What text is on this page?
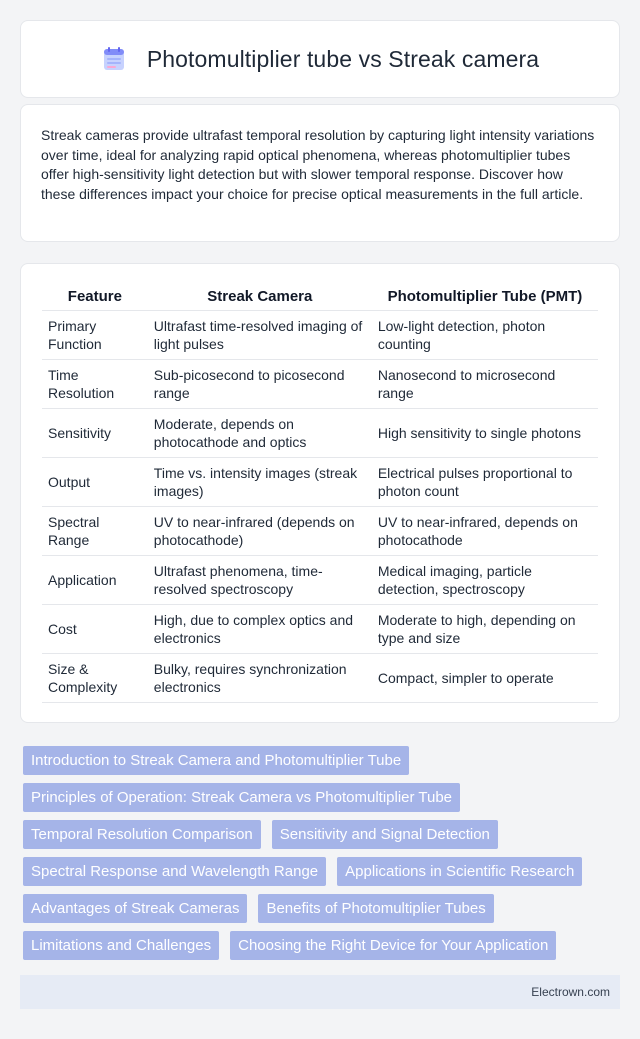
Photomultiplier tube vs Streak camera

Streak cameras provide ultrafast temporal resolution by capturing light intensity variations over time, ideal for analyzing rapid optical phenomena, whereas photomultiplier tubes offer high-sensitivity light detection but with slower temporal response. Discover how these differences impact your choice for precise optical measurements in the full article.

Feature	Streak Camera	Photomultiplier Tube (PMT)
Primary Function	Ultrafast time-resolved imaging of light pulses	Low-light detection, photon counting
Time Resolution	Sub-picosecond to picosecond range	Nanosecond to microsecond range
Sensitivity	Moderate, depends on photocathode and optics	High sensitivity to single photons
Output	Time vs. intensity images (streak images)	Electrical pulses proportional to photon count
Spectral Range	UV to near-infrared (depends on photocathode)	UV to near-infrared, depends on photocathode
Application	Ultrafast phenomena, time-resolved spectroscopy	Medical imaging, particle detection, spectroscopy
Cost	High, due to complex optics and electronics	Moderate to high, depending on type and size
Size & Complexity	Bulky, requires synchronization electronics	Compact, simpler to operate
Introduction to Streak Camera and Photomultiplier Tube
Principles of Operation: Streak Camera vs Photomultiplier Tube
Temporal Resolution Comparison	Sensitivity and Signal Detection
Spectral Response and Wavelength Range	Applications in Scientific Research
Advantages of Streak Cameras	Benefits of Photomultiplier Tubes
Limitations and Challenges	Choosing the Right Device for Your Application
Electrown.com
